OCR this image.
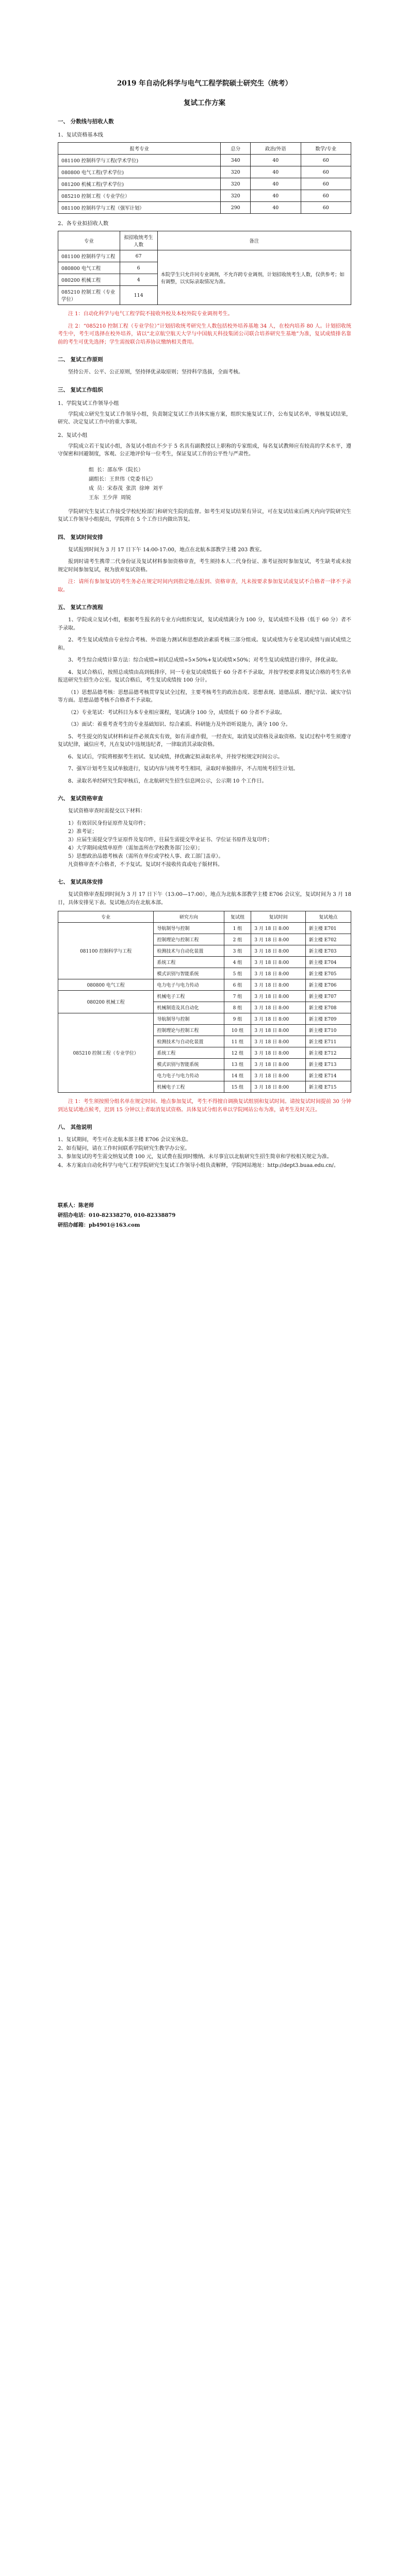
2019 年自动化科学与电气工程学院硕士研究生（统考）
复试工作方案
一、 分数线与招收人数
1、复试资格基本线
报考专业	总分	政治/外语	数学/专业
081100 控制科学与工程(学术学位)	340	40	60
080800 电气工程(学术学位)	320	40	60
081200 机械工程(学术学位)	320	40	60
085210 控制工程（专业学位）	320	40	60
081100 控制科学与工程（强军计划）	290	40	60
2、各专业拟招收人数
专业	拟招收统考生人数	备注
081100 控制科学与工程	67	本院学生只允许同专业调剂，不允许跨专业调剂，计划招收统考生人数，仅供参考；如有调整，以实际录取情况为准。
080800 电气工程	6	
080200 机械工程	4	
085210 控制工程（专业学位）	114	

注 1：自动化科学与电气工程学院不接收外校及本校外院专业调剂考生。

注 2：“085210 控制工程（专业学位）”计划招收统考研究生人数包括校外培养基地 34 人，在校内培养 80 人。计划招收统考生中，考生可选择在校外培养，请以“北京航空航天大学与中国航天科技集团公司联合培养研究生基地”为准，复试成绩排名靠前的考生可优先选择；学生需按联合培养协议缴纳相关费用。

二、 复试工作原则

坚持公开、公平、公正原则，坚持择优录取原则；坚持科学选拔，全面考核。

三、 复试工作组织
1、学院复试工作领导小组

学院成立研究生复试工作领导小组，负责制定复试工作具体实施方案，组织实施复试工作，公布复试名单，审核复试结果，研究、决定复试工作中的重大事项。

2、复试小组

学院成立若干复试小组，各复试小组由不少于 5 名具有副教授以上职称的专家组成，每名复试教师应有较高的学术水平，遵守保密和回避制度，客观、公正地评价每一位考生，保证复试工作的公平性与严肃性。

组 长：邵东华（院长）
副组长：王世伟（党委书记）
成 员：宋春茂 张洪 徐坤 刘平
王东 王少萍 周锐

学院研究生复试工作接受学校纪检部门和研究生院的监督。如考生对复试结果有异议，可在复试结束后两天内向学院研究生复试工作领导小组提出，学院将在 5 个工作日内做出答复。

四、 复试时间安排

复试报到时间为 3 月 17 日下午 14:00-17:00，地点在北航本部教学主楼 203 教室。

报到时请考生携带二代身份证及复试材料参加资格审查，考生须持本人二代身份证、准考证按时参加复试，考生缺考或未按规定时间参加复试，视为放弃复试资格。

注：请所有参加复试的考生务必在规定时间内到指定地点报到、资格审查，凡未按要求参加复试或复试不合格者一律不予录取。

五、 复试工作流程

1、学院成立复试小组，根据考生报名的专业方向组织复试，复试成绩满分为 100 分，复试成绩不及格（低于 60 分）者不予录取。

2、考生复试成绩由专业综合考核、外语能力测试和思想政治素质考核三部分组成。复试成绩为专业笔试成绩与面试成绩之和。

3、考生综合成绩计算方法：综合成绩=初试总成绩÷5×50%+复试成绩×50%；对考生复试成绩进行排序，择优录取。

4、复试合格后，按照总成绩由高到低排序，同一专业复试成绩低于 60 分者不予录取，并按学校要求将复试合格的考生名单报送研究生招生办公室。复试合格后，考生复试成绩按 100 分计。

（1）思想品德考核：思想品德考核贯穿复试全过程，主要考核考生的政治态度、思想表现、道德品质、遵纪守法、诚实守信等方面。思想品德考核不合格者不予录取。

（2）专业笔试：考试科目为本专业相应课程，笔试满分 100 分，成绩低于 60 分者不予录取。

（3）面试：着重考查考生的专业基础知识、综合素质、科研能力及外语听说能力，满分 100 分。

5、考生提交的复试材料和证件必须真实有效，如有弄虚作假，一经查实，取消复试资格及录取资格。复试过程中考生须遵守复试纪律，诚信应考，凡在复试中违规违纪者，一律取消其录取资格。

6、复试后，学院将根据考生初试、复试成绩，择优确定拟录取名单，并按学校规定时间公示。

7、强军计划考生复试单独进行，复试内容与统考考生相同，录取时单独排序，不占用统考招生计划。

8、录取名单经研究生院审核后，在北航研究生招生信息网公示，公示期 10 个工作日。

六、 复试资格审查

复试资格审查时需提交以下材料：

1）有效居民身份证原件及复印件；
2）准考证；
3）应届生需提交学生证原件及复印件，往届生需提交毕业证书、学位证书原件及复印件；
4）大学期间成绩单原件（需加盖所在学校教务部门公章）；
5）思想政治品德考核表（需所在单位或学校人事、政工部门盖章）。

凡资格审查不合格者，不予复试。复试时不接收传真或电子版材料。

七、 复试具体安排

复试资格审查报到时间为 3 月 17 日下午（13:00—17:00），地点为北航本部教学主楼 E706 会议室，复试时间为 3 月 18 日，具体安排见下表。复试地点均在北航本部。

专业	研究方向	复试组	复试时间	复试地点
081100 控制科学与工程	导航制导与控制	1 组	3 月 18 日 8:00	新主楼 E701
	控制理论与控制工程	2 组	3 月 18 日 8:00	新主楼 E702
	检测技术与自动化装置	3 组	3 月 18 日 8:00	新主楼 E703
	系统工程	4 组	3 月 18 日 8:00	新主楼 E704
	模式识别与智能系统	5 组	3 月 18 日 8:00	新主楼 E705
080800 电气工程	电力电子与电力传动	6 组	3 月 18 日 8:00	新主楼 E706
080200 机械工程	机械电子工程	7 组	3 月 18 日 8:00	新主楼 E707
	机械制造及其自动化	8 组	3 月 18 日 8:00	新主楼 E708
085210 控制工程（专业学位）	导航制导与控制	9 组	3 月 18 日 8:00	新主楼 E709
	控制理论与控制工程	10 组	3 月 18 日 8:00	新主楼 E710
	检测技术与自动化装置	11 组	3 月 18 日 8:00	新主楼 E711
	系统工程	12 组	3 月 18 日 8:00	新主楼 E712
	模式识别与智能系统	13 组	3 月 18 日 8:00	新主楼 E713
	电力电子与电力传动	14 组	3 月 18 日 8:00	新主楼 E714
	机械电子工程	15 组	3 月 18 日 8:00	新主楼 E715

注 1：考生须按照分组名单在规定时间、地点参加复试，考生不得擅自调换复试组别和复试时间。请按复试时间提前 30 分钟到达复试地点候考，迟到 15 分钟以上者取消复试资格。具体复试分组名单以学院网站公布为准，请考生及时关注。

八、 其他说明
1、复试期间，考生可在北航本部主楼 E706 会议室休息。
2、如有疑问，请在工作时间联系学院研究生教学办公室。
3、参加复试的考生需交纳复试费 100 元，复试费在报到时缴纳。未尽事宜以北航研究生招生简章和学校相关规定为准。
4、本方案由自动化科学与电气工程学院研究生复试工作领导小组负责解释，学院网站地址：http://dept3.buaa.edu.cn/。
联系人：陈老师
研招办电话：010-82338270, 010-82338879
研招办邮箱：pb4901@163.com
